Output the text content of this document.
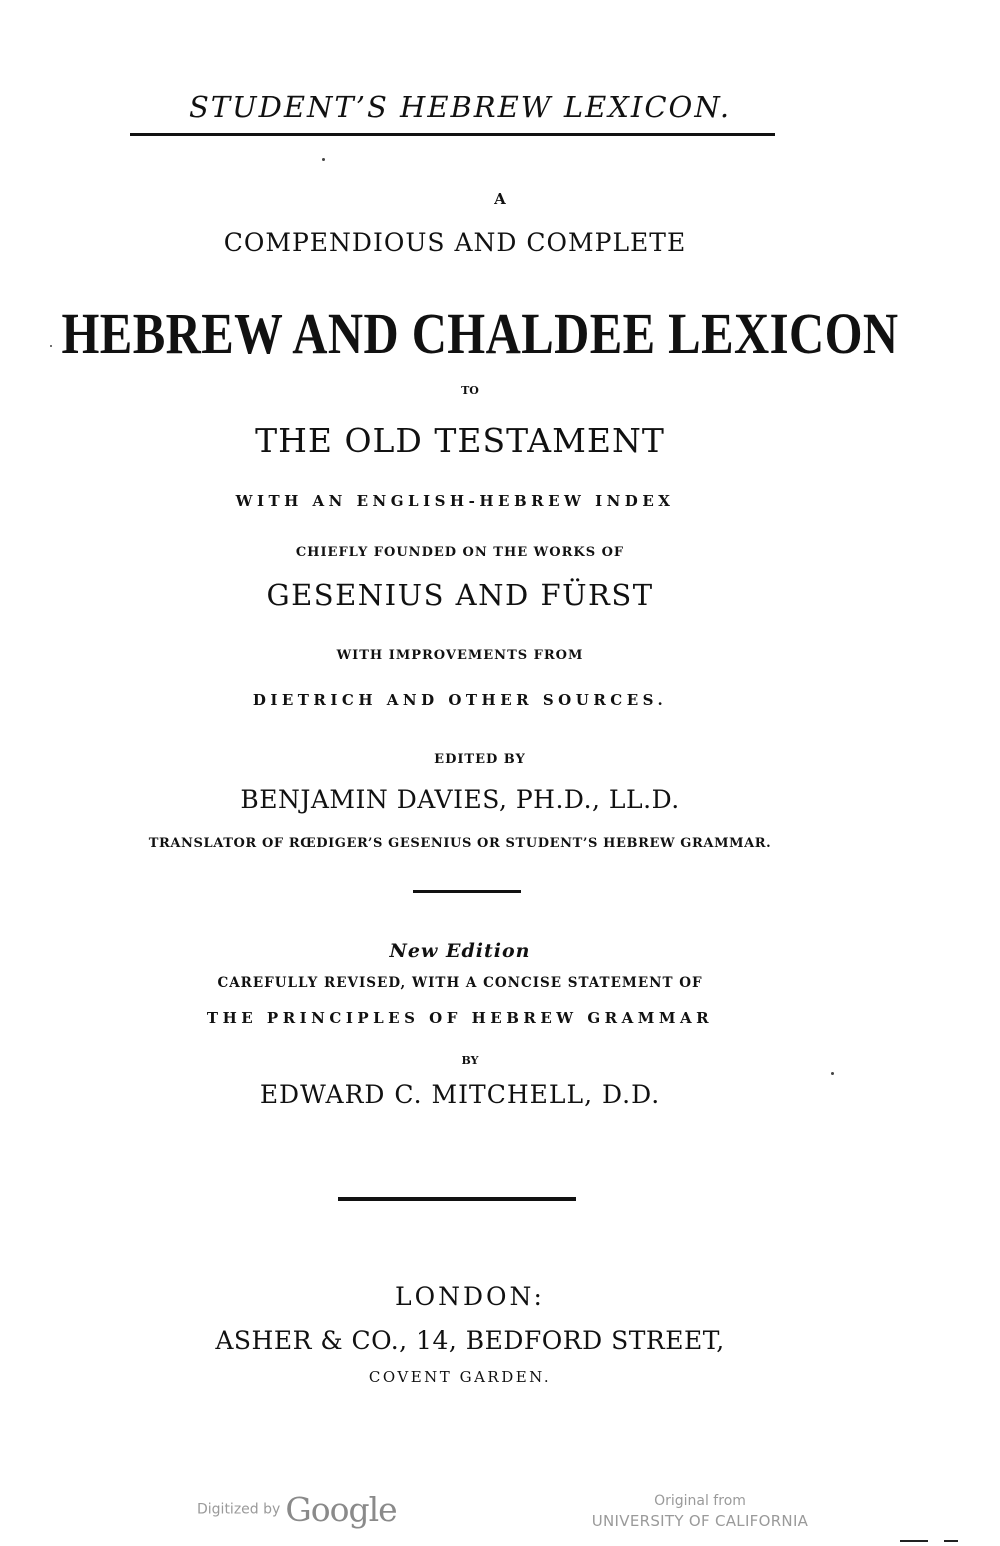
STUDENT’S HEBREW LEXICON.
A
COMPENDIOUS AND COMPLETE
HEBREW AND CHALDEE LEXICON
TO
THE OLD TESTAMENT
WITH AN ENGLISH-HEBREW INDEX
CHIEFLY FOUNDED ON THE WORKS OF
GESENIUS AND FÜRST
WITH IMPROVEMENTS FROM
DIETRICH AND OTHER SOURCES.
EDITED BY
BENJAMIN DAVIES, PH.D., LL.D.
TRANSLATOR OF RŒDIGER’S GESENIUS OR STUDENT’S HEBREW GRAMMAR.
New Edition
CAREFULLY REVISED, WITH A CONCISE STATEMENT OF
THE PRINCIPLES OF HEBREW GRAMMAR
BY
EDWARD C. MITCHELL, D.D.
LONDON:
ASHER & CO., 14, BEDFORD STREET,
COVENT GARDEN.
Digitized by Google	Original from
UNIVERSITY OF CALIFORNIA
